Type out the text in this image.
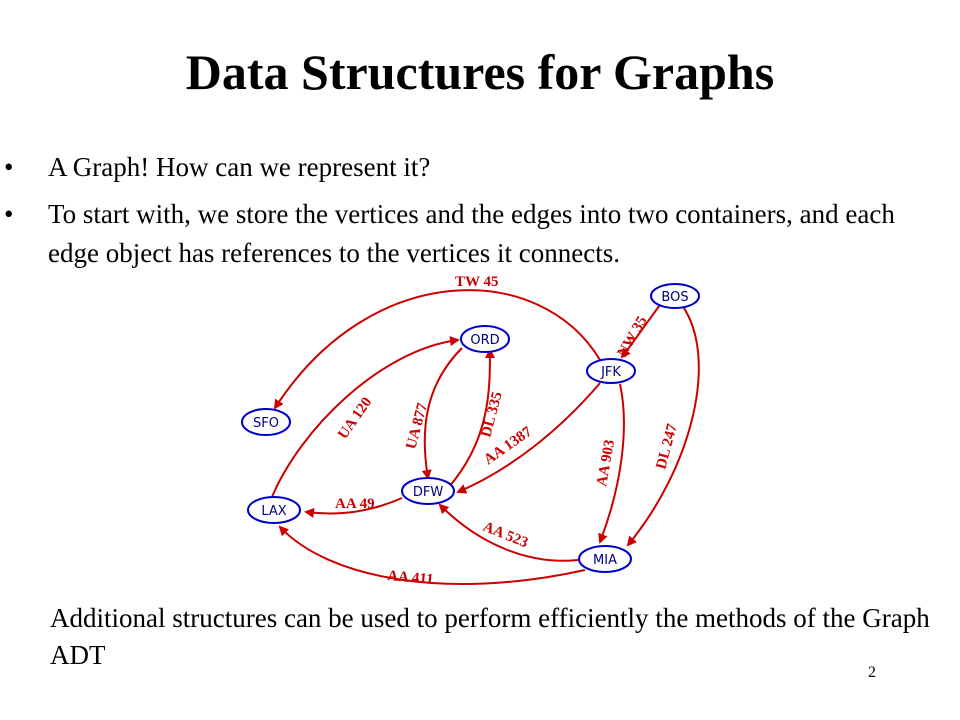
Data Structures for Graphs
• A Graph! How can we represent it?
• To start with, we store the vertices and the edges into two containers, and each edge object has references to the vertices it connects.
TW 45
NW 35
UA 120 UA 877	DL 335
AA 1387	AA 903 DL 247
AA 49
AA 523
AA 411
BOS
ORD
JFK
SFO
DFW
LAX
MIA
Additional structures can be used to perform efficiently the methods of the Graph ADT
2
